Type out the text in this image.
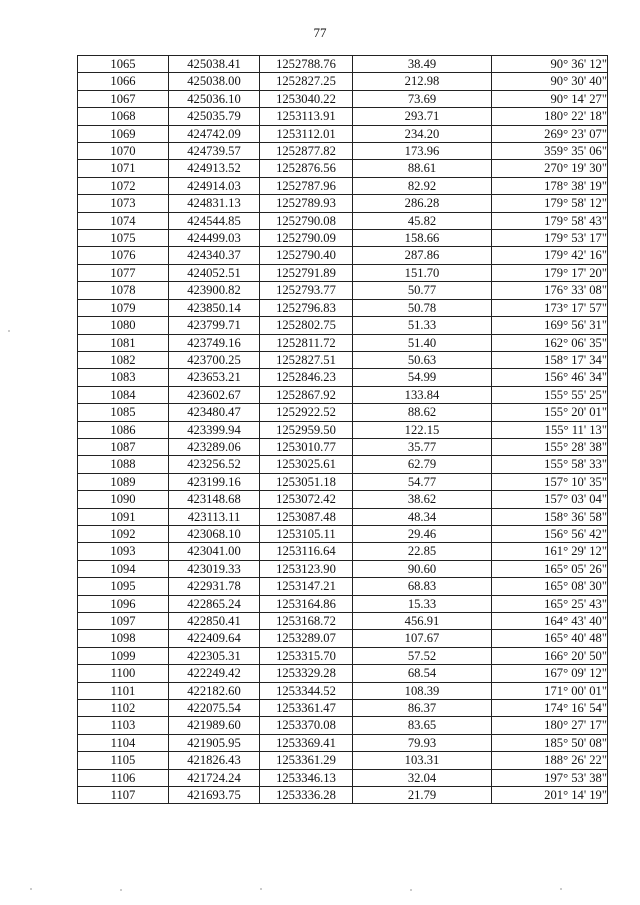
77
1065	425038.41	1252788.76	38.49	90° 36' 12"
1066	425038.00	1252827.25	212.98	90° 30' 40"
1067	425036.10	1253040.22	73.69	90° 14' 27"
1068	425035.79	1253113.91	293.71	180° 22' 18"
1069	424742.09	1253112.01	234.20	269° 23' 07"
1070	424739.57	1252877.82	173.96	359° 35' 06"
1071	424913.52	1252876.56	88.61	270° 19' 30"
1072	424914.03	1252787.96	82.92	178° 38' 19"
1073	424831.13	1252789.93	286.28	179° 58' 12"
1074	424544.85	1252790.08	45.82	179° 58' 43"
1075	424499.03	1252790.09	158.66	179° 53' 17"
1076	424340.37	1252790.40	287.86	179° 42' 16"
1077	424052.51	1252791.89	151.70	179° 17' 20"
1078	423900.82	1252793.77	50.77	176° 33' 08"
1079	423850.14	1252796.83	50.78	173° 17' 57"
1080	423799.71	1252802.75	51.33	169° 56' 31"
1081	423749.16	1252811.72	51.40	162° 06' 35"
1082	423700.25	1252827.51	50.63	158° 17' 34"
1083	423653.21	1252846.23	54.99	156° 46' 34"
1084	423602.67	1252867.92	133.84	155° 55' 25"
1085	423480.47	1252922.52	88.62	155° 20' 01"
1086	423399.94	1252959.50	122.15	155° 11' 13"
1087	423289.06	1253010.77	35.77	155° 28' 38"
1088	423256.52	1253025.61	62.79	155° 58' 33"
1089	423199.16	1253051.18	54.77	157° 10' 35"
1090	423148.68	1253072.42	38.62	157° 03' 04"
1091	423113.11	1253087.48	48.34	158° 36' 58"
1092	423068.10	1253105.11	29.46	156° 56' 42"
1093	423041.00	1253116.64	22.85	161° 29' 12"
1094	423019.33	1253123.90	90.60	165° 05' 26"
1095	422931.78	1253147.21	68.83	165° 08' 30"
1096	422865.24	1253164.86	15.33	165° 25' 43"
1097	422850.41	1253168.72	456.91	164° 43' 40"
1098	422409.64	1253289.07	107.67	165° 40' 48"
1099	422305.31	1253315.70	57.52	166° 20' 50"
1100	422249.42	1253329.28	68.54	167° 09' 12"
1101	422182.60	1253344.52	108.39	171° 00' 01"
1102	422075.54	1253361.47	86.37	174° 16' 54"
1103	421989.60	1253370.08	83.65	180° 27' 17"
1104	421905.95	1253369.41	79.93	185° 50' 08"
1105	421826.43	1253361.29	103.31	188° 26' 22"
1106	421724.24	1253346.13	32.04	197° 53' 38"
1107	421693.75	1253336.28	21.79	201° 14' 19"
